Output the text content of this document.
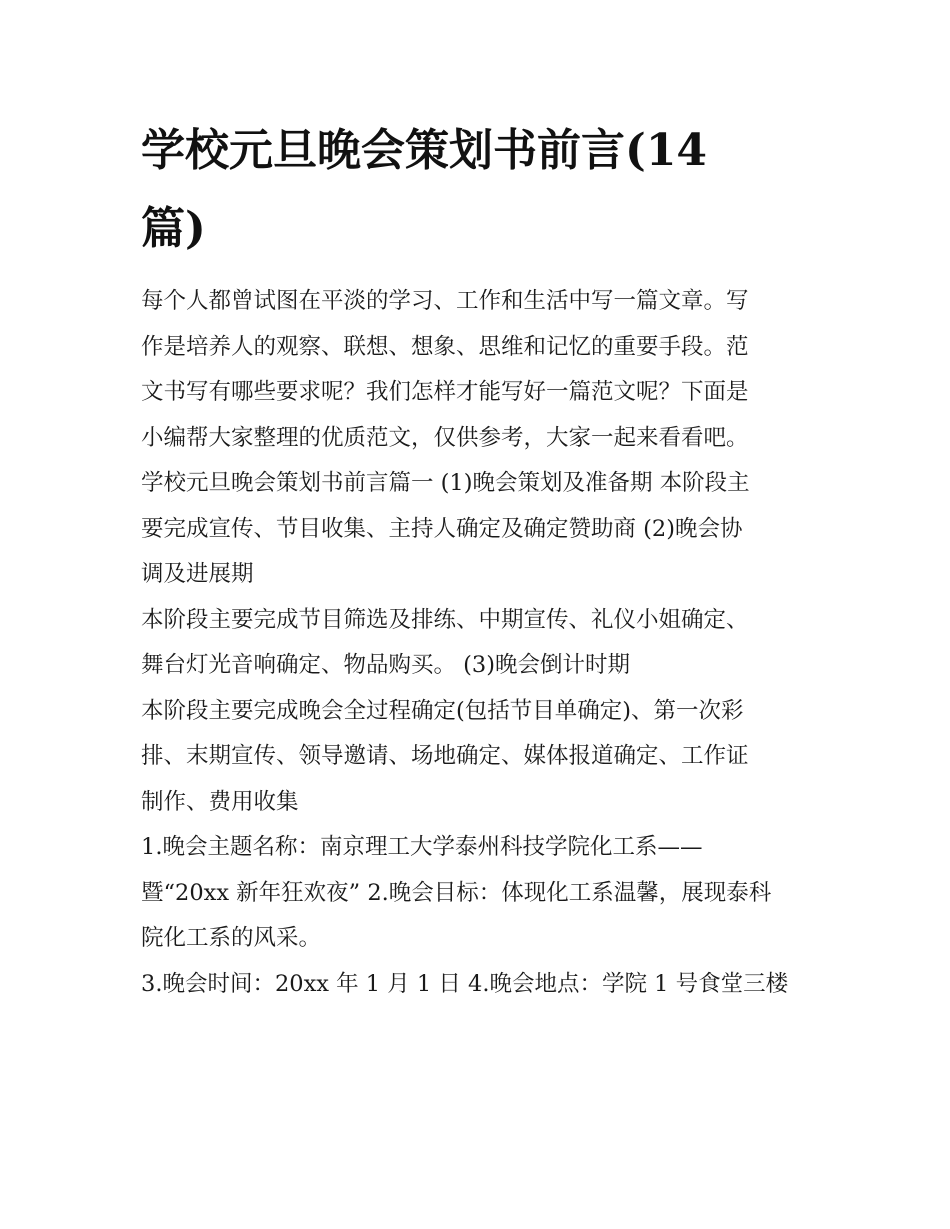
学校元旦晚会策划书前言(14
篇)
每个人都曾试图在平淡的学习、工作和生活中写一篇文章。写
作是培养人的观察、联想、想象、思维和记忆的重要手段。范
文书写有哪些要求呢？我们怎样才能写好一篇范文呢？下面是
小编帮大家整理的优质范文，仅供参考，大家一起来看看吧。
学校元旦晚会策划书前言篇一 (1)晚会策划及准备期 本阶段主
要完成宣传、节目收集、主持人确定及确定赞助商 (2)晚会协
调及进展期
本阶段主要完成节目筛选及排练、中期宣传、礼仪小姐确定、
舞台灯光音响确定、物品购买。 (3)晚会倒计时期
本阶段主要完成晚会全过程确定(包括节目单确定)、第一次彩
排、末期宣传、领导邀请、场地确定、媒体报道确定、工作证
制作、费用收集
1.晚会主题名称：南京理工大学泰州科技学院化工系——
暨“20xx 新年狂欢夜” 2.晚会目标：体现化工系温馨，展现泰科
院化工系的风采。
3.晚会时间：20xx 年 1 月 1 日 4.晚会地点：学院 1 号食堂三楼
